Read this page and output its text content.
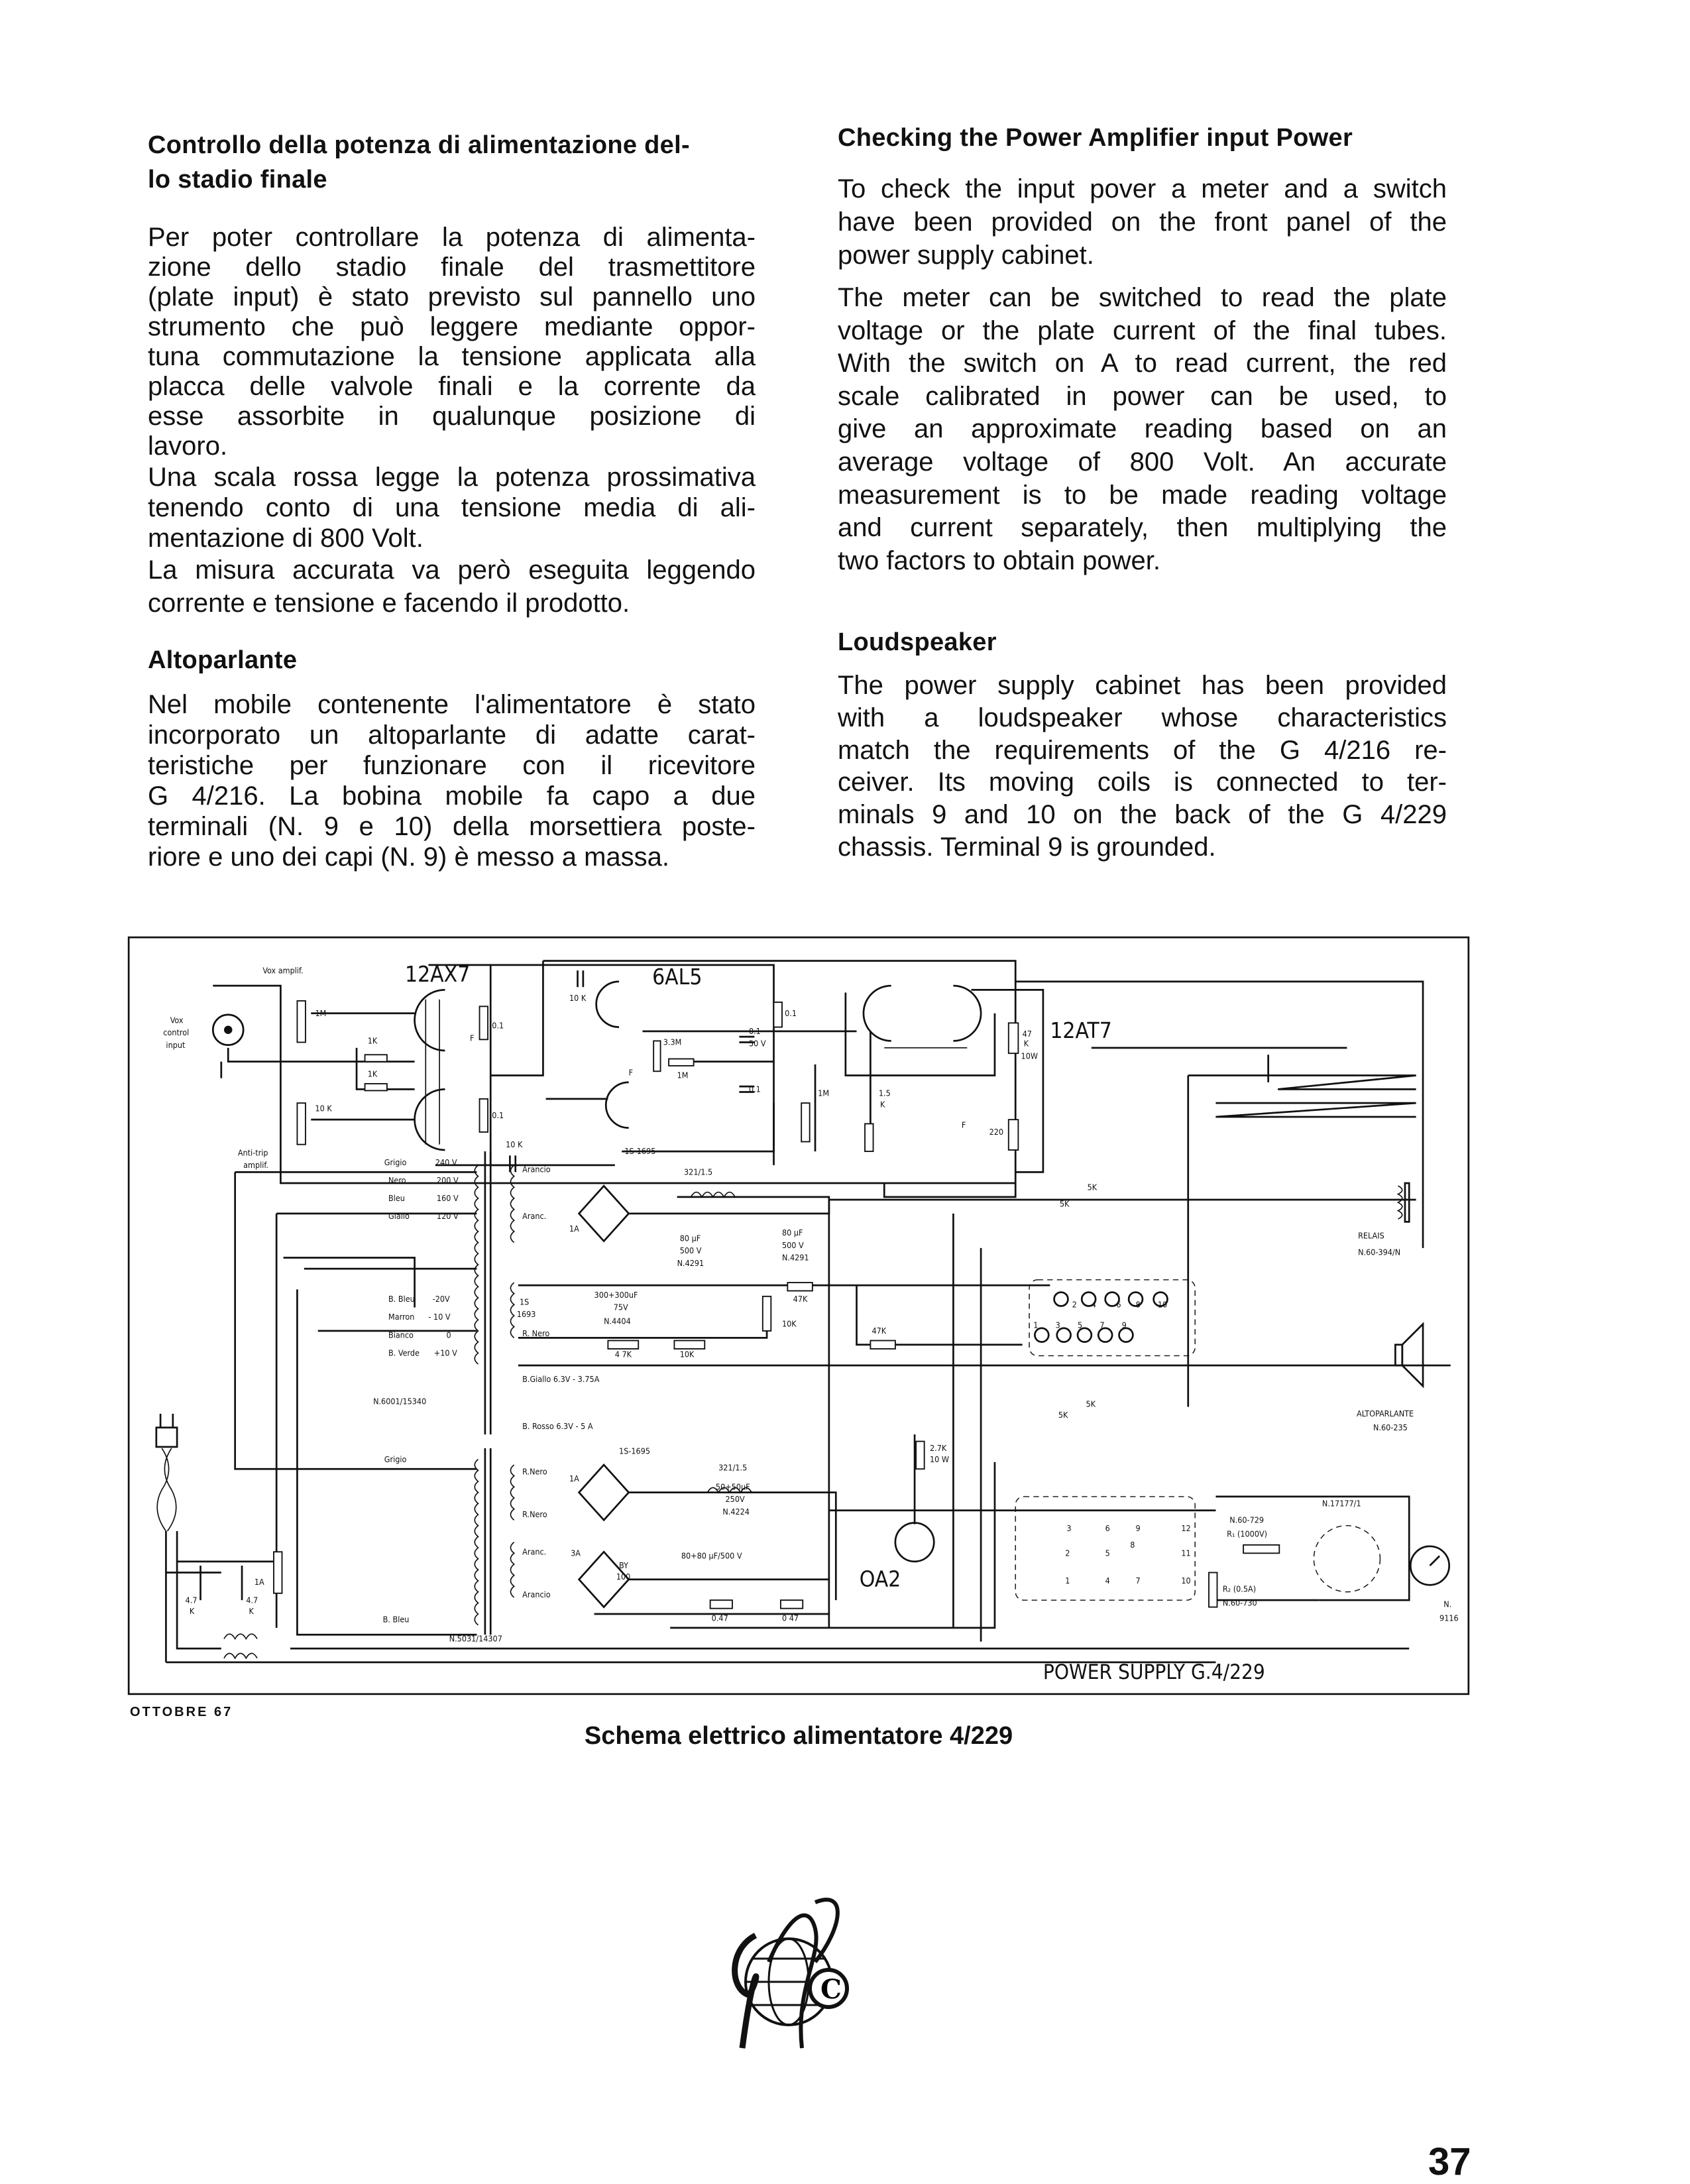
Controllo della potenza di alimentazione del-
lo stadio finale
Per poter controllare la potenza di alimenta-
zione dello stadio finale del trasmettitore
(plate input) è stato previsto sul pannello uno
strumento che può leggere mediante oppor-
tuna commutazione la tensione applicata alla
placca delle valvole finali e la corrente da
esse assorbite in qualunque posizione di
lavoro.
Una scala rossa legge la potenza prossimativa
tenendo conto di una tensione media di ali-
mentazione di 800 Volt.
La misura accurata va però eseguita leggendo
corrente e tensione e facendo il prodotto.
Altoparlante
Nel mobile contenente l'alimentatore è stato
incorporato un altoparlante di adatte carat-
teristiche per funzionare con il ricevitore
G 4/216. La bobina mobile fa capo a due
terminali (N. 9 e 10) della morsettiera poste-
riore e uno dei capi (N. 9) è messo a massa.
Checking the Power Amplifier input Power
To check the input pover a meter and a switch
have been provided on the front panel of the
power supply cabinet.
The meter can be switched to read the plate
voltage or the plate current of the final tubes.
With the switch on A to read current, the red
scale calibrated in power can be used, to
give an approximate reading based on an
average voltage of 800 Volt. An accurate
measurement is to be made reading voltage
and current separately, then multiplying the
two factors to obtain power.
Loudspeaker
The power supply cabinet has been provided
with a loudspeaker whose characteristics
match the requirements of the G 4/216 re-
ceiver. Its moving coils is connected to ter-
minals 9 and 10 on the back of the G 4/229
chassis. Terminal 9 is grounded.
12AX7	6AL5
12AT7
OA2
POWER SUPPLY G.4/229
Vox amplif.
Vox
control
input
1M
1K
1K
10 K
Anti-trip
amplif.
0.1
0.1
10 K
10 K
0.1
3.3M
1M
0.1
50 V
0.1	1M
F
F
F
47
K
10W
1.5
K
220
1S-1695
321/1.5
Grigio	240 V
Nero	200 V
Bleu	160 V
Giallo	120 V
Arancio
Aranc.
1A
80 µF
500 V
N.4291
80 µF
500 V
N.4291
B. Bleu	-20V
Marron	- 10 V
Bianco	0
B. Verde	+10 V
1S
1693
R. Nero
300+300uF
75V
N.4404
47K
10K
47K
4 7K	10K
B.Giallo 6.3V - 3.75A
N.6001/15340
B. Rosso 6.3V - 5 A
Grigio
1S-1695
R.Nero
1A
R.Nero
321/1.5
50+50µF
250V
N.4224
Aranc.	3A
BY
100
Arancio
80+80 µF/500 V
0.47	0 47
2.7K
10 W
B. Bleu
N.5031/14307
1A
4.7
K
4.7
K
5K
5K
5K
5K
RELAIS
N.60-394/N
ALTOPARLANTE
N.60-235
N.17177/1
N.60-729
R₁ (1000V)
R₂ (0.5A)
N.60-730	N.
9116
2	4	6	8	10
1	3	5	7	9
1
2
3
4
5
6
7
8
9
10
11
12
OTTOBRE 67
Schema elettrico alimentatore 4/229
C
37
